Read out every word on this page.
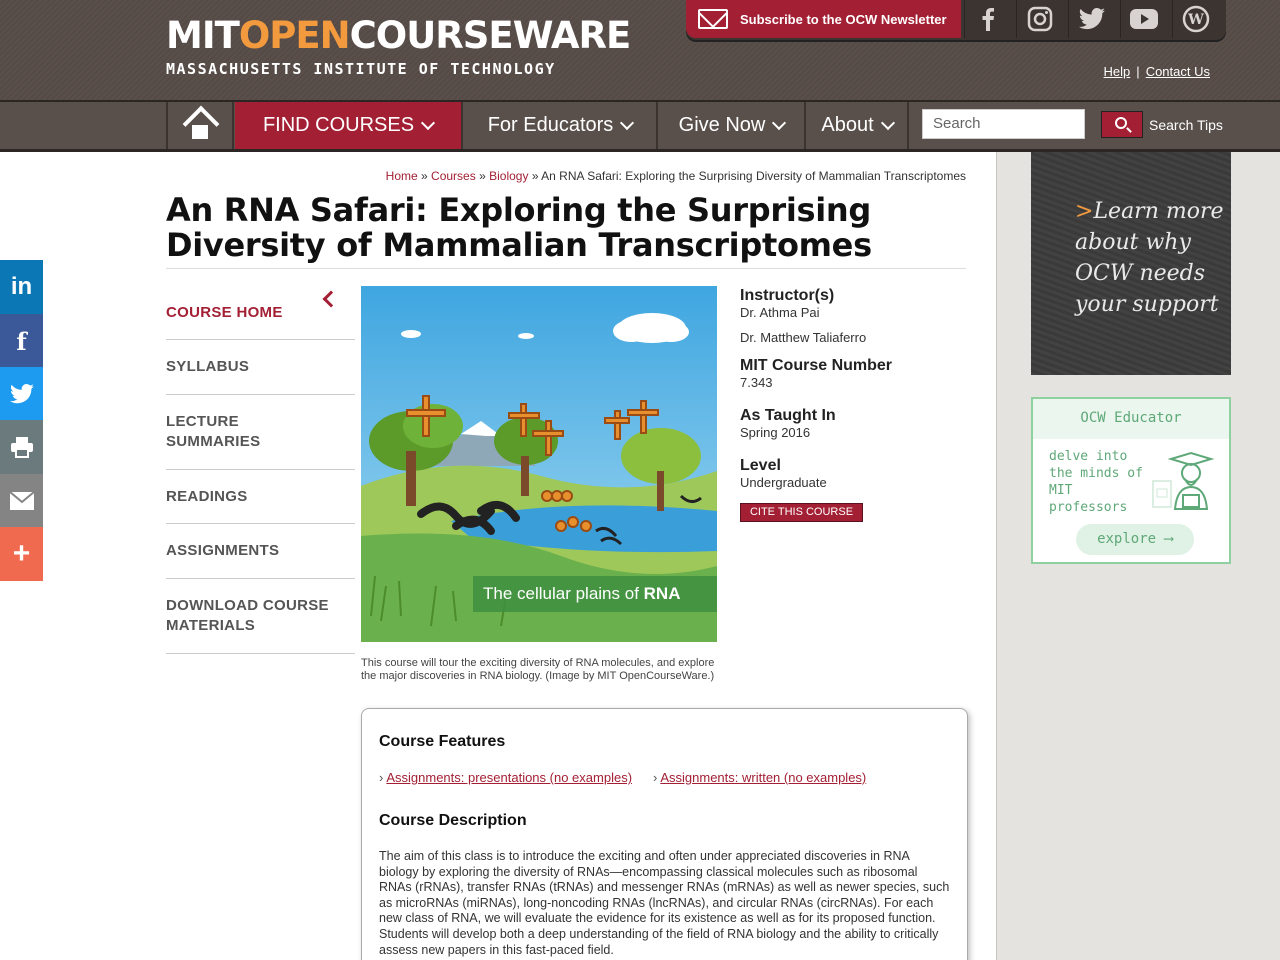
MITOPENCOURSEWARE
MASSACHUSETTS INSTITUTE OF TECHNOLOGY
Subscribe to the OCW Newsletter	W
Help | Contact Us
FIND COURSES	For Educators	Give Now	About	Search	Search Tips
>Learn more about why OCW needs your support
OCW Educator
delve into the minds of MIT professors
explore ⟶
in
f
+
Home » Courses » Biology » An RNA Safari: Exploring the Surprising Diversity of Mammalian Transcriptomes
An RNA Safari: Exploring the Surprising Diversity of Mammalian Transcriptomes
COURSE HOME
SYLLABUS
LECTURE SUMMARIES
READINGS
ASSIGNMENTS
DOWNLOAD COURSE MATERIALS
The cellular plains of RNA
This course will tour the exciting diversity of RNA molecules, and explore the major discoveries in RNA biology. (Image by MIT OpenCourseWare.)
Instructor(s)
Dr. Athma Pai
Dr. Matthew Taliaferro
MIT Course Number
7.343
As Taught In
Spring 2016
Level
Undergraduate
CITE THIS COURSE
Course Features
› Assignments: presentations (no examples) › Assignments: written (no examples)
Course Description
The aim of this class is to introduce the exciting and often under appreciated discoveries in RNA biology by exploring the diversity of RNAs—encompassing classical molecules such as ribosomal RNAs (rRNAs), transfer RNAs (tRNAs) and messenger RNAs (mRNAs) as well as newer species, such as microRNAs (miRNAs), long-noncoding RNAs (lncRNAs), and circular RNAs (circRNAs). For each new class of RNA, we will evaluate the evidence for its existence as well as for its proposed function. Students will develop both a deep understanding of the field of RNA biology and the ability to critically assess new papers in this fast-paced field.
